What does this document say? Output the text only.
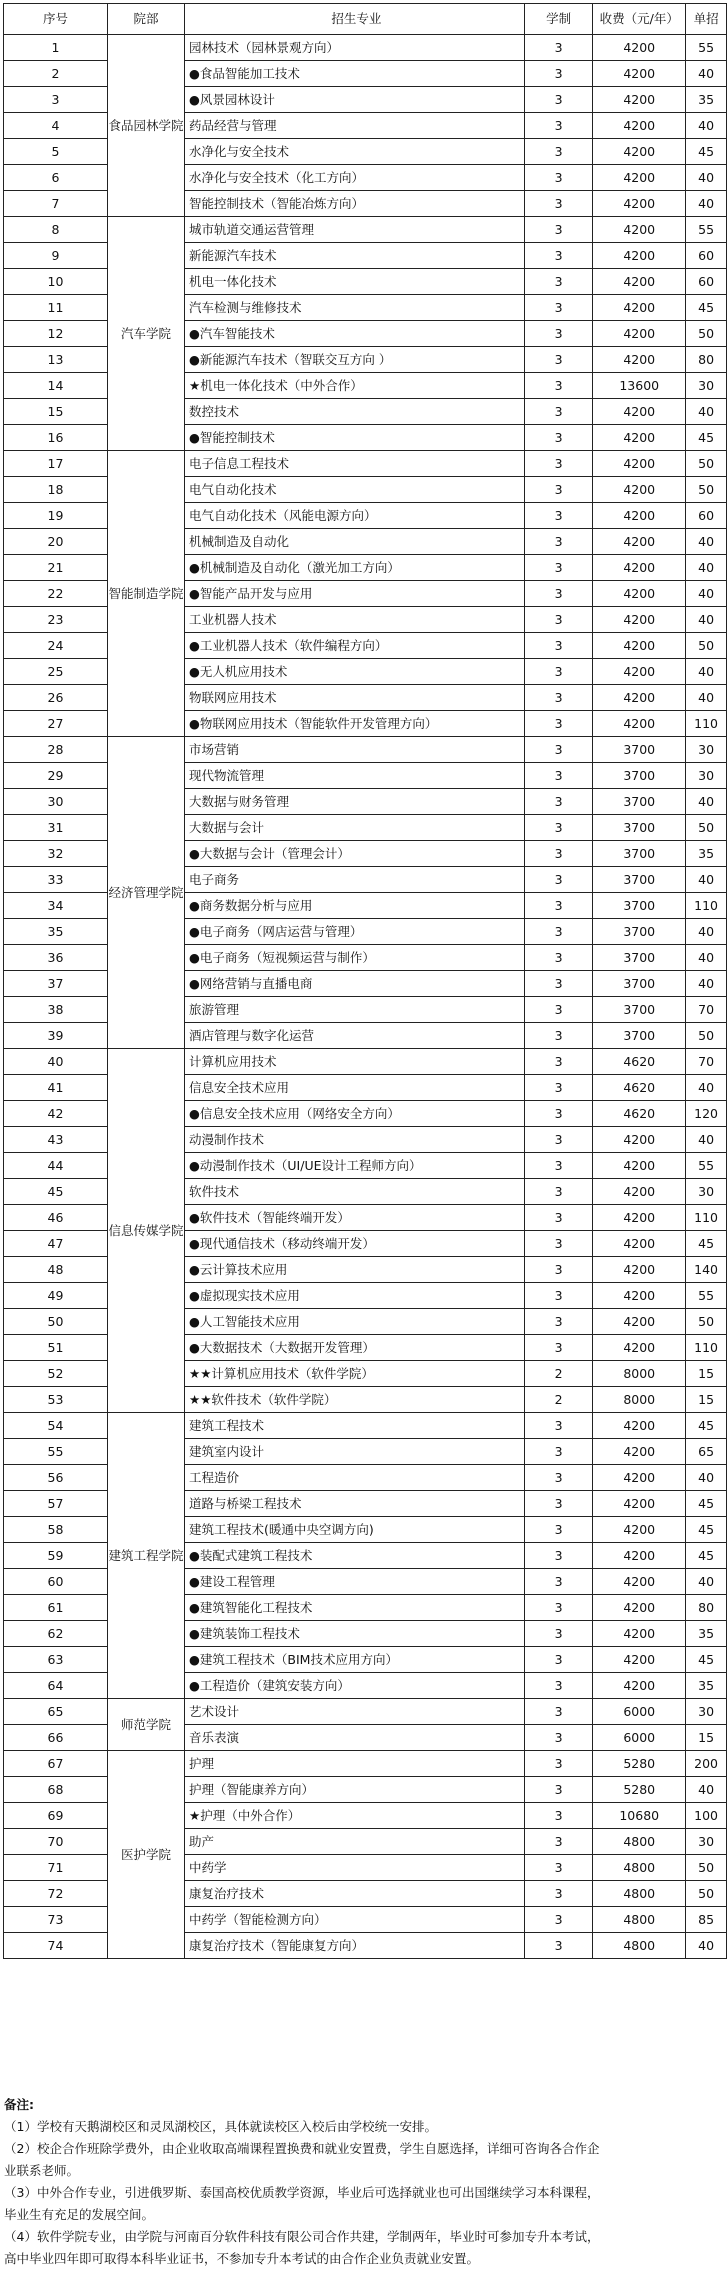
序号	院部	招生专业	学制	收费（元/年）	单招
1	食品园林学院	园林技术（园林景观方向）	3	4200	55
2		●食品智能加工技术	3	4200	40
3		●风景园林设计	3	4200	35
4		药品经营与管理	3	4200	40
5		水净化与安全技术	3	4200	45
6		水净化与安全技术（化工方向）	3	4200	40
7		智能控制技术（智能冶炼方向）	3	4200	40
8	汽车学院	城市轨道交通运营管理	3	4200	55
9		新能源汽车技术	3	4200	60
10		机电一体化技术	3	4200	60
11		汽车检测与维修技术	3	4200	45
12		●汽车智能技术	3	4200	50
13		●新能源汽车技术（智联交互方向 ）	3	4200	80
14		★机电一体化技术（中外合作）	3	13600	30
15		数控技术	3	4200	40
16		●智能控制技术	3	4200	45
17	智能制造学院	电子信息工程技术	3	4200	50
18		电气自动化技术	3	4200	50
19		电气自动化技术（风能电源方向）	3	4200	60
20		机械制造及自动化	3	4200	40
21		●机械制造及自动化（激光加工方向）	3	4200	40
22		●智能产品开发与应用	3	4200	40
23		工业机器人技术	3	4200	40
24		●工业机器人技术（软件编程方向）	3	4200	50
25		●无人机应用技术	3	4200	40
26		物联网应用技术	3	4200	40
27		●物联网应用技术（智能软件开发管理方向）	3	4200	110
28	经济管理学院	市场营销	3	3700	30
29		现代物流管理	3	3700	30
30		大数据与财务管理	3	3700	40
31		大数据与会计	3	3700	50
32		●大数据与会计（管理会计）	3	3700	35
33		电子商务	3	3700	40
34		●商务数据分析与应用	3	3700	110
35		●电子商务（网店运营与管理）	3	3700	40
36		●电子商务（短视频运营与制作）	3	3700	40
37		●网络营销与直播电商	3	3700	40
38		旅游管理	3	3700	70
39		酒店管理与数字化运营	3	3700	50
40	信息传媒学院	计算机应用技术	3	4620	70
41		信息安全技术应用	3	4620	40
42		●信息安全技术应用（网络安全方向）	3	4620	120
43		动漫制作技术	3	4200	40
44		●动漫制作技术（UI/UE设计工程师方向）	3	4200	55
45		软件技术	3	4200	30
46		●软件技术（智能终端开发）	3	4200	110
47		●现代通信技术（移动终端开发）	3	4200	45
48		●云计算技术应用	3	4200	140
49		●虚拟现实技术应用	3	4200	55
50		●人工智能技术应用	3	4200	50
51		●大数据技术（大数据开发管理）	3	4200	110
52		★★计算机应用技术（软件学院）	2	8000	15
53		★★软件技术（软件学院）	2	8000	15
54	建筑工程学院	建筑工程技术	3	4200	45
55		建筑室内设计	3	4200	65
56		工程造价	3	4200	40
57		道路与桥梁工程技术	3	4200	45
58		建筑工程技术(暖通中央空调方向)	3	4200	45
59		●装配式建筑工程技术	3	4200	45
60		●建设工程管理	3	4200	40
61		●建筑智能化工程技术	3	4200	80
62		●建筑装饰工程技术	3	4200	35
63		●建筑工程技术（BIM技术应用方向）	3	4200	45
64		●工程造价（建筑安装方向）	3	4200	35
65	师范学院	艺术设计	3	6000	30
66		音乐表演	3	6000	15
67	医护学院	护理	3	5280	200
68		护理（智能康养方向）	3	5280	40
69		★护理（中外合作）	3	10680	100
70		助产	3	4800	30
71		中药学	3	4800	50
72		康复治疗技术	3	4800	50
73		中药学（智能检测方向）	3	4800	85
74		康复治疗技术（智能康复方向）	3	4800	40
备注:
（1）学校有天鹅湖校区和灵凤湖校区，具体就读校区入校后由学校统一安排。
（2）校企合作班除学费外，由企业收取高端课程置换费和就业安置费，学生自愿选择，详细可咨询各合作企
业联系老师。
（3）中外合作专业，引进俄罗斯、泰国高校优质教学资源，毕业后可选择就业也可出国继续学习本科课程，
毕业生有充足的发展空间。
（4）软件学院专业，由学院与河南百分软件科技有限公司合作共建，学制两年，毕业时可参加专升本考试，
高中毕业四年即可取得本科毕业证书，不参加专升本考试的由合作企业负责就业安置。
